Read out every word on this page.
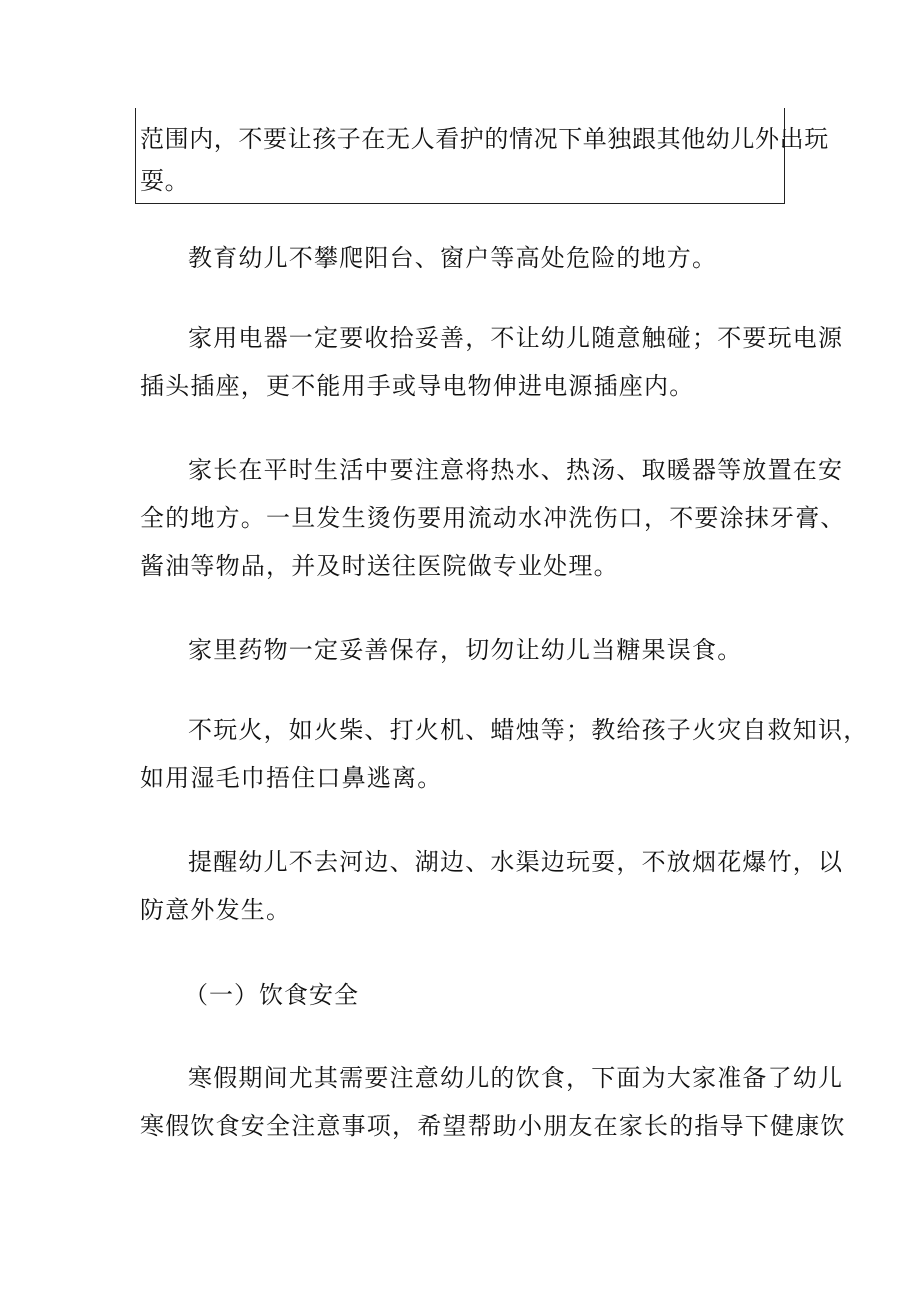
范围内，不要让孩子在无人看护的情况下单独跟其他幼儿外出玩
耍。
教育幼儿不攀爬阳台、窗户等高处危险的地方。
家用电器一定要收拾妥善，不让幼儿随意触碰；不要玩电源
插头插座，更不能用手或导电物伸进电源插座内。
家长在平时生活中要注意将热水、热汤、取暖器等放置在安
全的地方。一旦发生烫伤要用流动水冲洗伤口，不要涂抹牙膏、
酱油等物品，并及时送往医院做专业处理。
家里药物一定妥善保存，切勿让幼儿当糖果误食。
不玩火，如火柴、打火机、蜡烛等；教给孩子火灾自救知识，
如用湿毛巾捂住口鼻逃离。
提醒幼儿不去河边、湖边、水渠边玩耍，不放烟花爆竹，以
防意外发生。
（一）饮食安全
寒假期间尤其需要注意幼儿的饮食，下面为大家准备了幼儿
寒假饮食安全注意事项，希望帮助小朋友在家长的指导下健康饮
